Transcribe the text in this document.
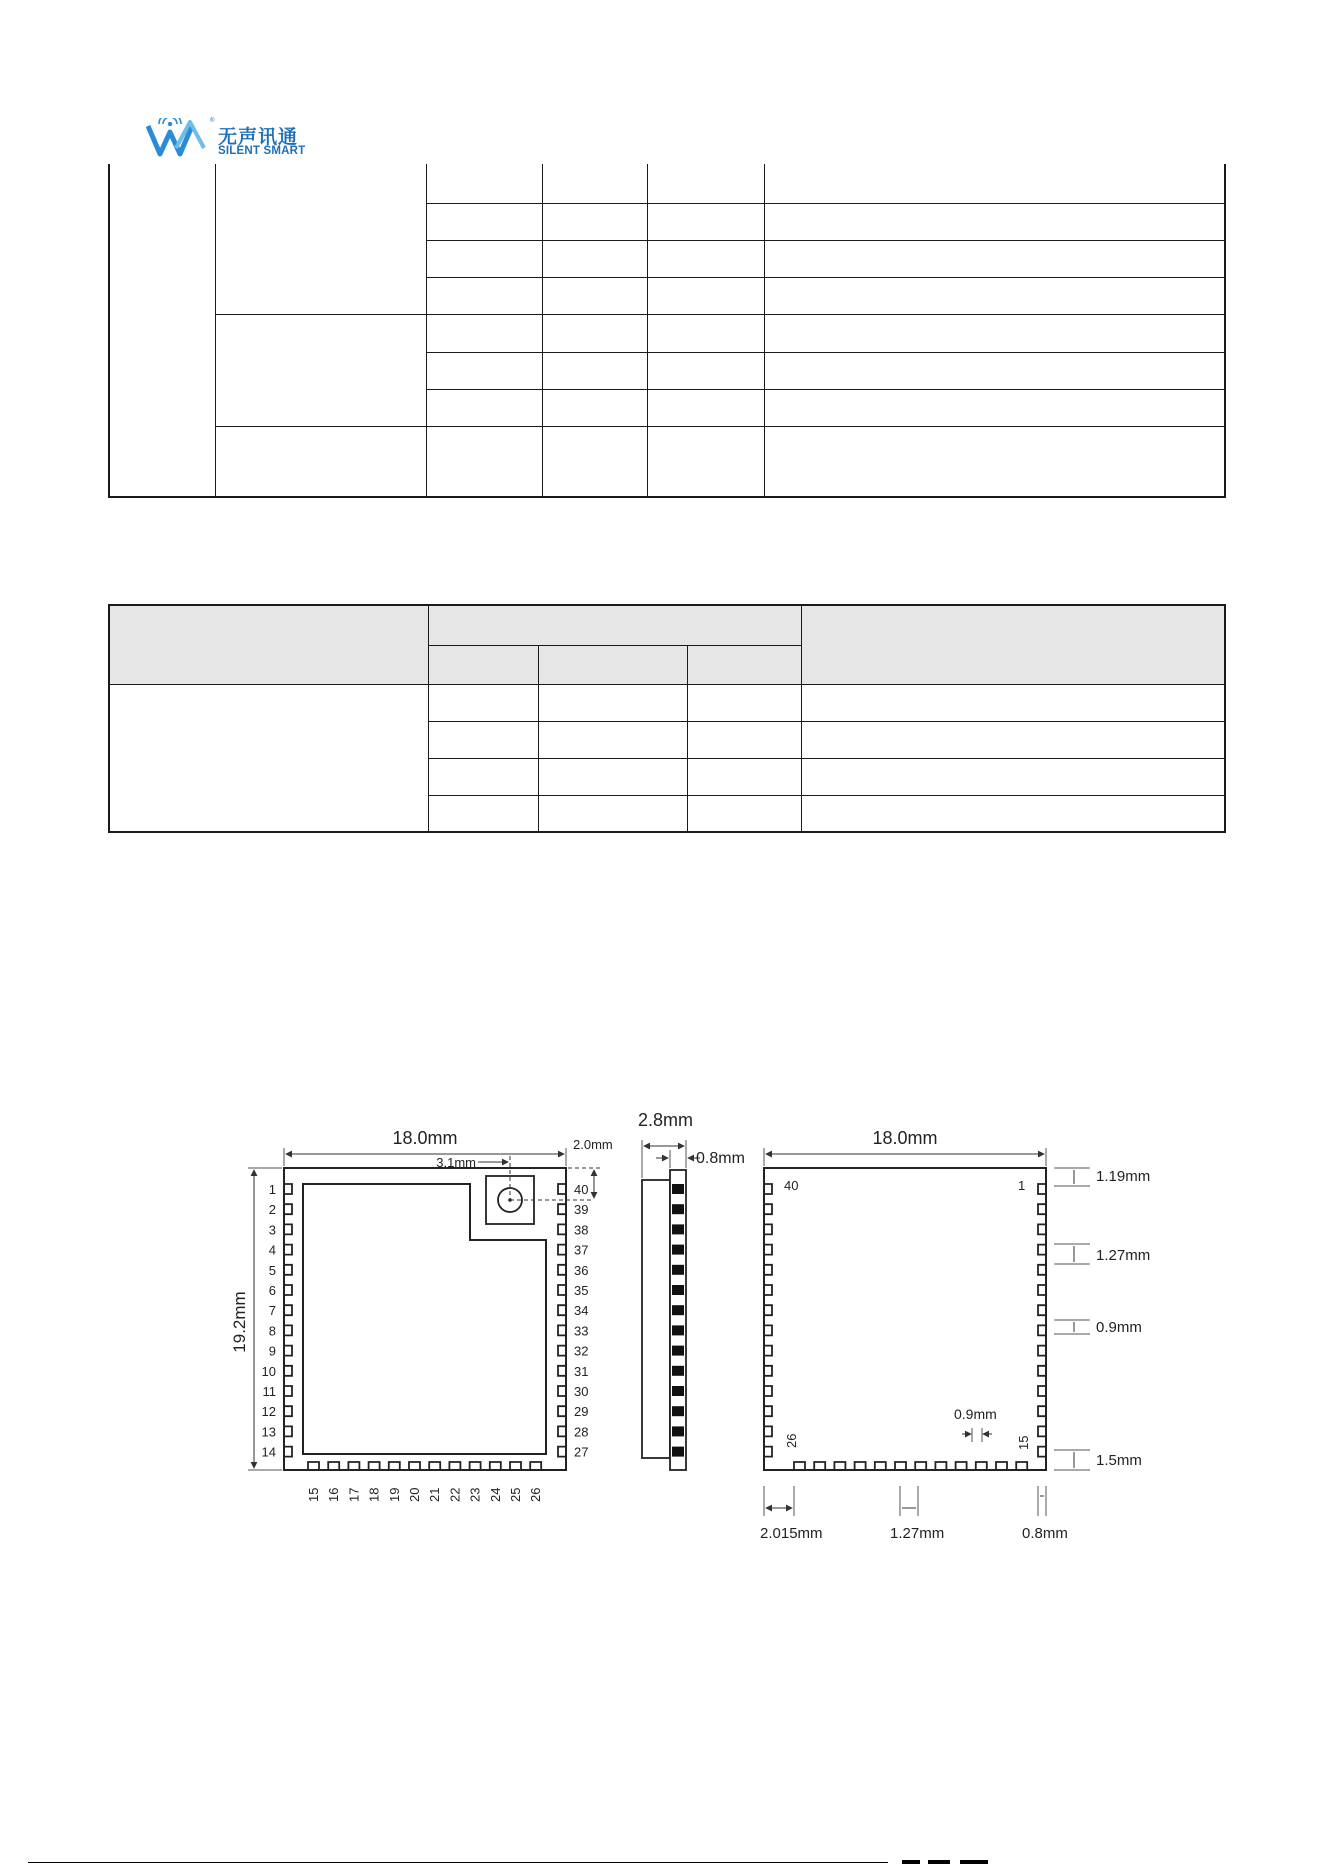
®
无声讯通
SILENT SMART
1
2
3
4
5
6
7
8
9
10
11
12
13
14
40
39
38
37
36
35
34
33
32
31
30
29
28
27
15 16 17 18 19 20 21 22 23 24 25 26
18.0mm
3.1mm
2.0mm
19.2mm
2.8mm
0.8mm
40	1
26	15
18.0mm
1.19mm
1.27mm
0.9mm
1.5mm
0.9mm
2.015mm	1.27mm	0.8mm
